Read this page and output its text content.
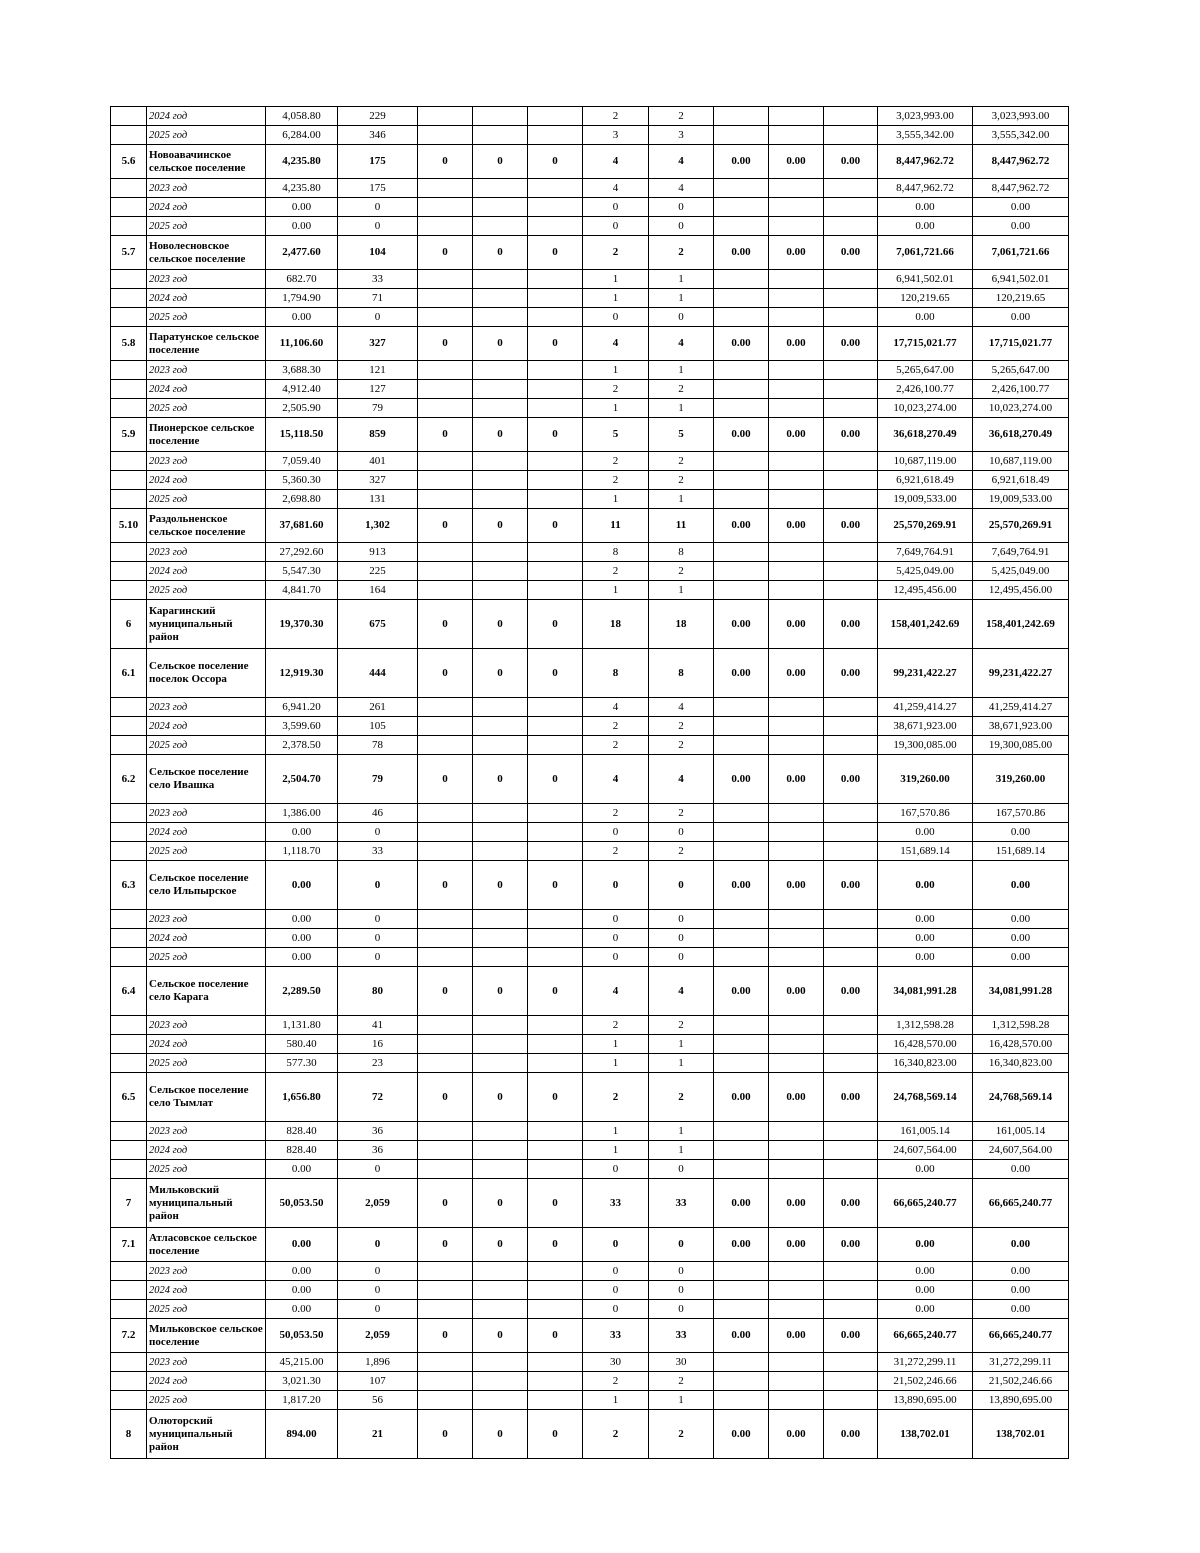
	2024 год	4,058.80	229				2	2				3,023,993.00	3,023,993.00
	2025 год	6,284.00	346				3	3				3,555,342.00	3,555,342.00
5.6	Новоавачинское сельское поселение	4,235.80	175	0	0	0	4	4	0.00	0.00	0.00	8,447,962.72	8,447,962.72
	2023 год	4,235.80	175				4	4				8,447,962.72	8,447,962.72
	2024 год	0.00	0				0	0				0.00	0.00
	2025 год	0.00	0				0	0				0.00	0.00
5.7	Новолесновское сельское поселение	2,477.60	104	0	0	0	2	2	0.00	0.00	0.00	7,061,721.66	7,061,721.66
	2023 год	682.70	33				1	1				6,941,502.01	6,941,502.01
	2024 год	1,794.90	71				1	1				120,219.65	120,219.65
	2025 год	0.00	0				0	0				0.00	0.00
5.8	Паратунское сельское поселение	11,106.60	327	0	0	0	4	4	0.00	0.00	0.00	17,715,021.77	17,715,021.77
	2023 год	3,688.30	121				1	1				5,265,647.00	5,265,647.00
	2024 год	4,912.40	127				2	2				2,426,100.77	2,426,100.77
	2025 год	2,505.90	79				1	1				10,023,274.00	10,023,274.00
5.9	Пионерское сельское поселение	15,118.50	859	0	0	0	5	5	0.00	0.00	0.00	36,618,270.49	36,618,270.49
	2023 год	7,059.40	401				2	2				10,687,119.00	10,687,119.00
	2024 год	5,360.30	327				2	2				6,921,618.49	6,921,618.49
	2025 год	2,698.80	131				1	1				19,009,533.00	19,009,533.00
5.10	Раздольненское сельское поселение	37,681.60	1,302	0	0	0	11	11	0.00	0.00	0.00	25,570,269.91	25,570,269.91
	2023 год	27,292.60	913				8	8				7,649,764.91	7,649,764.91
	2024 год	5,547.30	225				2	2				5,425,049.00	5,425,049.00
	2025 год	4,841.70	164				1	1				12,495,456.00	12,495,456.00
6	Карагинский муниципальный район	19,370.30	675	0	0	0	18	18	0.00	0.00	0.00	158,401,242.69	158,401,242.69
6.1	Сельское поселение поселок Оссора	12,919.30	444	0	0	0	8	8	0.00	0.00	0.00	99,231,422.27	99,231,422.27
	2023 год	6,941.20	261				4	4				41,259,414.27	41,259,414.27
	2024 год	3,599.60	105				2	2				38,671,923.00	38,671,923.00
	2025 год	2,378.50	78				2	2				19,300,085.00	19,300,085.00
6.2	Сельское поселение село Ивашка	2,504.70	79	0	0	0	4	4	0.00	0.00	0.00	319,260.00	319,260.00
	2023 год	1,386.00	46				2	2				167,570.86	167,570.86
	2024 год	0.00	0				0	0				0.00	0.00
	2025 год	1,118.70	33				2	2				151,689.14	151,689.14
6.3	Сельское поселение село Ильпырское	0.00	0	0	0	0	0	0	0.00	0.00	0.00	0.00	0.00
	2023 год	0.00	0				0	0				0.00	0.00
	2024 год	0.00	0				0	0				0.00	0.00
	2025 год	0.00	0				0	0				0.00	0.00
6.4	Сельское поселение село Карага	2,289.50	80	0	0	0	4	4	0.00	0.00	0.00	34,081,991.28	34,081,991.28
	2023 год	1,131.80	41				2	2				1,312,598.28	1,312,598.28
	2024 год	580.40	16				1	1				16,428,570.00	16,428,570.00
	2025 год	577.30	23				1	1				16,340,823.00	16,340,823.00
6.5	Сельское поселение село Тымлат	1,656.80	72	0	0	0	2	2	0.00	0.00	0.00	24,768,569.14	24,768,569.14
	2023 год	828.40	36				1	1				161,005.14	161,005.14
	2024 год	828.40	36				1	1				24,607,564.00	24,607,564.00
	2025 год	0.00	0				0	0				0.00	0.00
7	Мильковский муниципальный район	50,053.50	2,059	0	0	0	33	33	0.00	0.00	0.00	66,665,240.77	66,665,240.77
7.1	Атласовское сельское поселение	0.00	0	0	0	0	0	0	0.00	0.00	0.00	0.00	0.00
	2023 год	0.00	0				0	0				0.00	0.00
	2024 год	0.00	0				0	0				0.00	0.00
	2025 год	0.00	0				0	0				0.00	0.00
7.2	Мильковское сельское поселение	50,053.50	2,059	0	0	0	33	33	0.00	0.00	0.00	66,665,240.77	66,665,240.77
	2023 год	45,215.00	1,896				30	30				31,272,299.11	31,272,299.11
	2024 год	3,021.30	107				2	2				21,502,246.66	21,502,246.66
	2025 год	1,817.20	56				1	1				13,890,695.00	13,890,695.00
8	Олюторский муниципальный район	894.00	21	0	0	0	2	2	0.00	0.00	0.00	138,702.01	138,702.01
